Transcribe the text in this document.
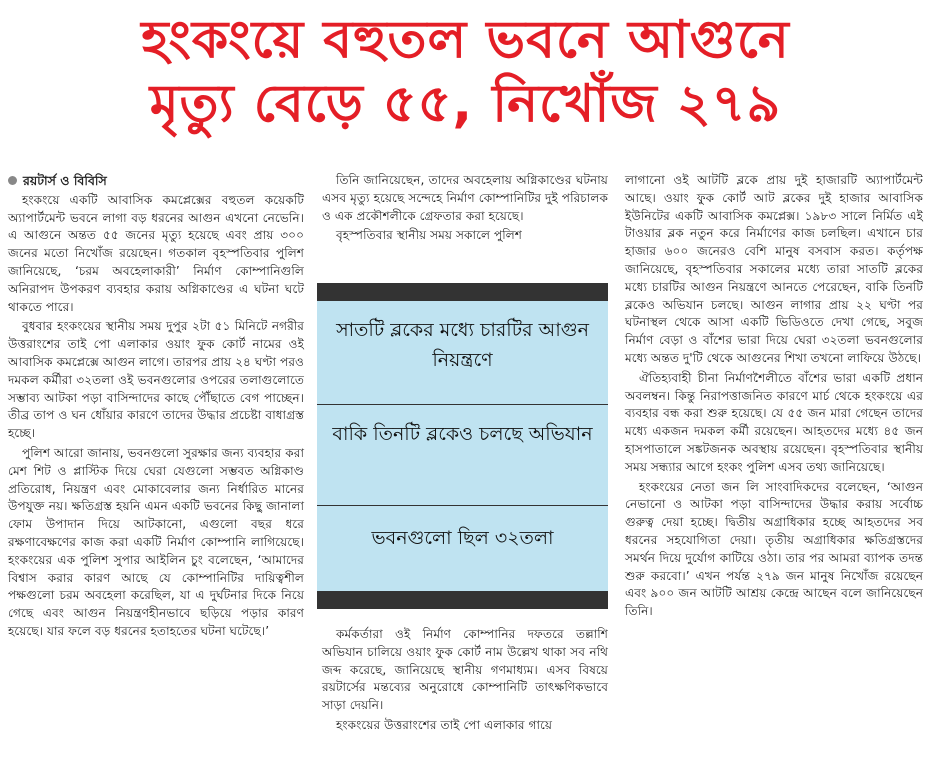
হংকংয়ে বহুতল ভবনে আগুনে
মৃত্যু বেড়ে ৫৫, নিখোঁজ ২৭৯
রয়টার্স ও বিবিসি

হংকংয়ে একটি আবাসিক কমপ্লেক্সের বহুতল কয়েকটি অ্যাপার্টমেন্ট ভবনে লাগা বড় ধরনের আগুন এখনো নেভেনি। এ আগুনে অন্তত ৫৫ জনের মৃত্যু হয়েছে এবং প্রায় ৩০০ জনের মতো নিখোঁজ রয়েছেন। গতকাল বৃহস্পতিবার পুলিশ জানিয়েছে, ‘চরম অবহেলাকারী’ নির্মাণ কোম্পানিগুলি অনিরাপদ উপকরণ ব্যবহার করায় অগ্নিকাণ্ডের এ ঘটনা ঘটে থাকতে পারে।

বুধবার হংকংয়ের স্থানীয় সময় দুপুর ২টা ৫১ মিনিটে নগরীর উত্তরাংশের তাই পো এলাকার ওয়াং ফুক কোর্ট নামের ওই আবাসিক কমপ্লেক্সে আগুন লাগে। তারপর প্রায় ২৪ ঘণ্টা পরও দমকল কর্মীরা ৩২তলা ওই ভবনগুলোর ওপরের তলাগুলোতে সম্ভাব্য আটকা পড়া বাসিন্দাদের কাছে পৌঁছাতে বেগ পাচ্ছেন। তীব্র তাপ ও ঘন ধোঁয়ার কারণে তাদের উদ্ধার প্রচেষ্টা বাধাগ্রস্ত হচ্ছে।

পুলিশ আরো জানায়, ভবনগুলো সুরক্ষার জন্য ব্যবহার করা মেশ শিট ও প্লাস্টিক দিয়ে ঘেরা যেগুলো সম্ভবত অগ্নিকাণ্ড প্রতিরোধ, নিয়ন্ত্রণ এবং মোকাবেলার জন্য নির্ধারিত মানের উপযুক্ত নয়। ক্ষতিগ্রস্ত হয়নি এমন একটি ভবনের কিছু জানালা ফোম উপাদান দিয়ে আটকানো, এগুলো বছর ধরে রক্ষণাবেক্ষণের কাজ করা একটি নির্মাণ কোম্পানি লাগিয়েছে। হংকংয়ের এক পুলিশ সুপার আইলিন চুং বলেছেন, ‘আমাদের বিশ্বাস করার কারণ আছে যে কোম্পানিটির দায়িত্বশীল পক্ষগুলো চরম অবহেলা করেছিল, যা এ দুর্ঘটনার দিকে নিয়ে গেছে এবং আগুন নিয়ন্ত্রণহীনভাবে ছড়িয়ে পড়ার কারণ হয়েছে। যার ফলে বড় ধরনের হতাহতের ঘটনা ঘটেছে।’

তিনি জানিয়েছেন, তাদের অবহেলায় অগ্নিকাণ্ডের ঘটনায় এসব মৃত্যু হয়েছে সন্দেহে নির্মাণ কোম্পানিটির দুই পরিচালক ও এক প্রকৌশলীকে গ্রেফতার করা হয়েছে।

বৃহস্পতিবার স্থানীয় সময় সকালে পুলিশ

সাতটি ব্লকের মধ্যে চারটির আগুন নিয়ন্ত্রণে
বাকি তিনটি ব্লকেও চলছে অভিযান
ভবনগুলো ছিল ৩২তলা

কর্মকর্তারা ওই নির্মাণ কোম্পানির দফতরে তল্লাশি অভিযান চালিয়ে ওয়াং ফুক কোর্ট নাম উল্লেখ থাকা সব নথি জব্দ করেছে, জানিয়েছে স্থানীয় গণমাধ্যম। এসব বিষয়ে রয়টার্সের মন্তব্যের অনুরোধে কোম্পানিটি তাৎক্ষণিকভাবে সাড়া দেয়নি।

হংকংয়ের উত্তরাংশের তাই পো এলাকার গায়ে

লাগানো ওই আটটি ব্লকে প্রায় দুই হাজারটি অ্যাপার্টমেন্ট আছে। ওয়াং ফুক কোর্ট আট ব্লকের দুই হাজার আবাসিক ইউনিটের একটি আবাসিক কমপ্লেক্স। ১৯৮৩ সালে নির্মিত এই টাওয়ার ব্লক নতুন করে নির্মাণের কাজ চলছিল। এখানে চার হাজার ৬০০ জনেরও বেশি মানুষ বসবাস করত। কর্তৃপক্ষ জানিয়েছে, বৃহস্পতিবার সকালের মধ্যে তারা সাতটি ব্লকের মধ্যে চারটির আগুন নিয়ন্ত্রণে আনতে পেরেছেন, বাকি তিনটি ব্লকেও অভিযান চলছে। আগুন লাগার প্রায় ২২ ঘণ্টা পর ঘটনাস্থল থেকে আসা একটি ভিডিওতে দেখা গেছে, সবুজ নির্মাণ বেড়া ও বাঁশের ভারা দিয়ে ঘেরা ৩২তলা ভবনগুলোর মধ্যে অন্তত দু'টি থেকে আগুনের শিখা তখনো লাফিয়ে উঠছে।

ঐতিহ্যবাহী চীনা নির্মাণশৈলীতে বাঁশের ভারা একটি প্রধান অবলম্বন। কিন্তু নিরাপত্তাজনিত কারণে মার্চ থেকে হংকংয়ে এর ব্যবহার বন্ধ করা শুরু হয়েছে। যে ৫৫ জন মারা গেছেন তাদের মধ্যে একজন দমকল কর্মী রয়েছেন। আহতদের মধ্যে ৪৫ জন হাসপাতালে সঙ্কটজনক অবস্থায় রয়েছেন। বৃহস্পতিবার স্থানীয় সময় সন্ধ্যার আগে হংকং পুলিশ এসব তথ্য জানিয়েছে।

হংকংয়ের নেতা জন লি সাংবাদিকদের বলেছেন, ‘আগুন নেভানো ও আটকা পড়া বাসিন্দাদের উদ্ধার করায় সর্বোচ্চ গুরুত্ব দেয়া হচ্ছে। দ্বিতীয় অগ্রাধিকার হচ্ছে আহতদের সব ধরনের সহযোগিতা দেয়া। তৃতীয় অগ্রাধিকার ক্ষতিগ্রস্তদের সমর্থন দিয়ে দুর্যোগ কাটিয়ে ওঠা। তার পর আমরা ব্যাপক তদন্ত শুরু করবো।’ এখন পর্যন্ত ২৭৯ জন মানুষ নিখোঁজ রয়েছেন এবং ৯০০ জন আটটি আশ্রয় কেন্দ্রে আছেন বলে জানিয়েছেন তিনি।
